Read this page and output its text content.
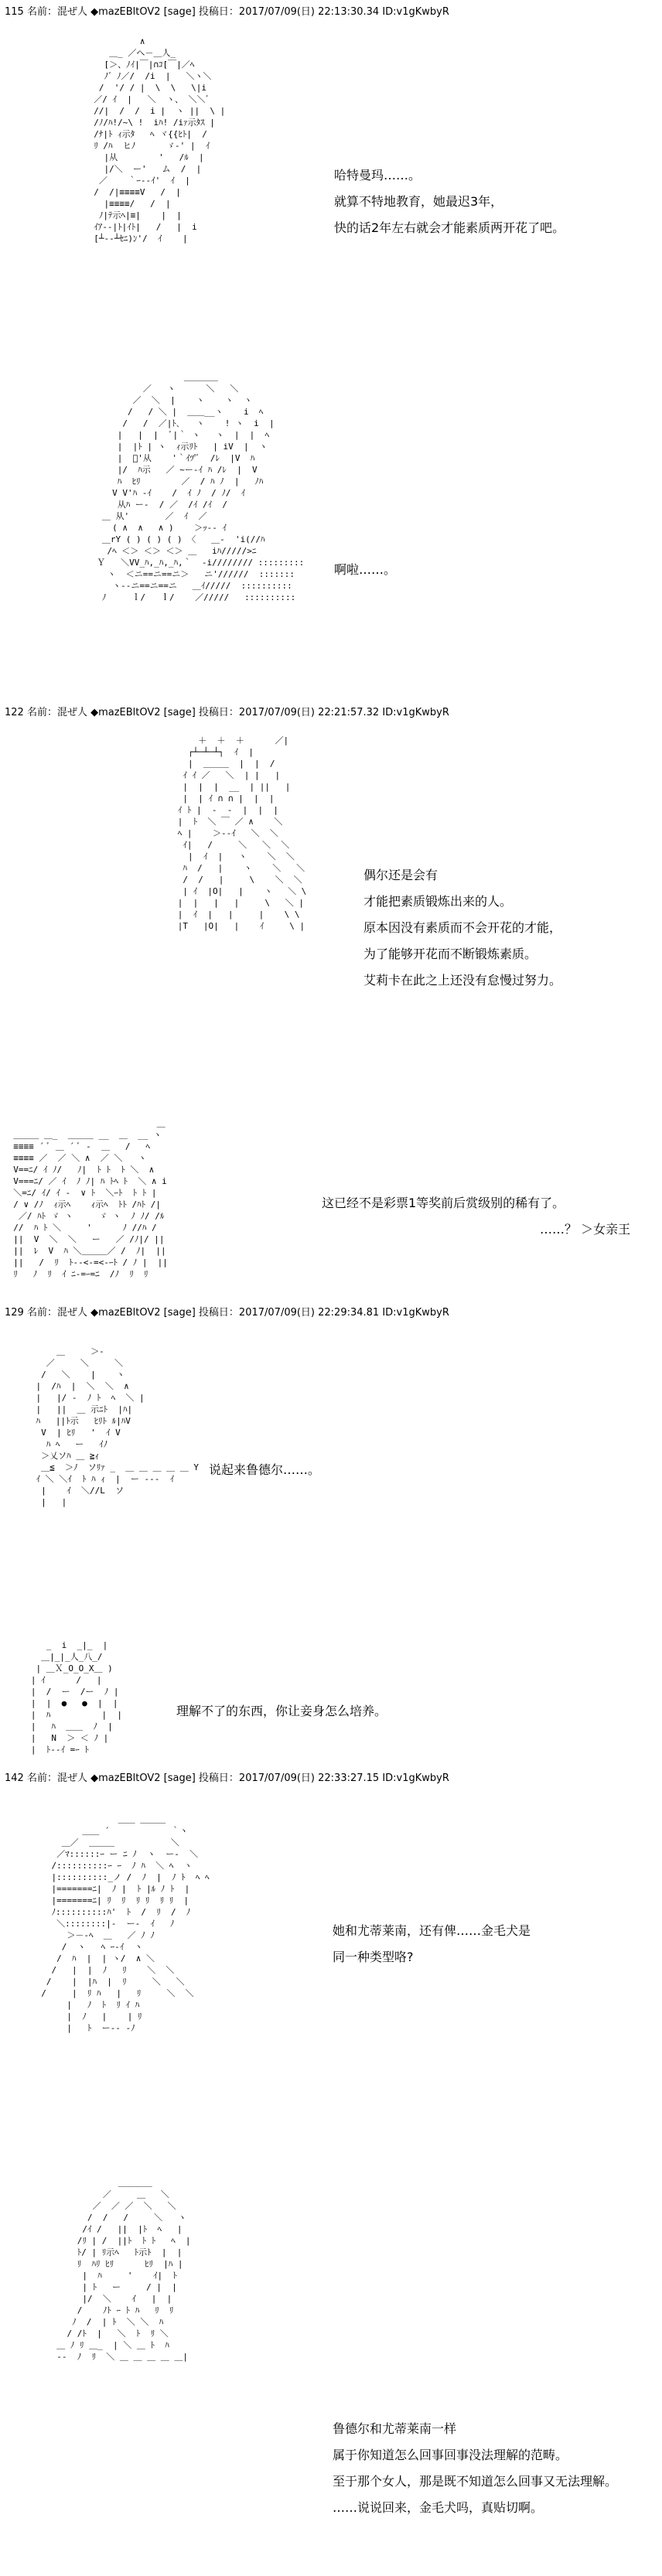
115 名前：混ぜ人 ◆mazEBltOV2 [sage] 投稿日：2017/07/09(日) 22:13:30.34 ID:v1gKwbyR
∧
＿_ ／へ－＿人_
[＞、ﾉｲ|￣|∩ｺ[￣|／ﾍ
ﾉ゛ﾉ／/  /i  |   ＼ヽ＼
/  '/ / |  \  \   \|i
／/ ｲ  |   ＼  ヽ、 ＼＼ﾞ
//|  /  /  i |  ヽ ||  \ |
/ﾉ/ﾊ!/~\ !  iﾊ! /iｧ示ﾀｽ |
/ﾅ|ﾄ ｨ示ﾀ   ﾍ ヾ{{ﾋﾄ|  /
ﾘ /ﾊ  ヒﾉ      ゞ-' |  ｲ
|从        '   /ﾙ  |
|/＼  ー'   ム  /  |
／    ｀ｰ--ｲ'  ｲ  |
/  /|≡≡≡≡V   /  |
|≡≡≡≡/   /  |
ﾉ|ﾃ示ﾍ|≡|    |  |
ｲｱ--|ﾄ|ｲﾄ|   /   |  i
[┴--┴ｾﾆ)ﾝ'/  ｲ    |
哈特曼玛……。
就算不特地教育，她最迟3年，
快的话2年左右就会才能素质两开花了吧。
＿＿＿＿
／   ヽ      ＼   ＼
／  ＼  |    ヽ    ヽ  ヽ
/   / ＼ |  ＿＿__ヽ    i  ﾍ
/   /  ／|ﾄ､   ヽ    ! ヽ  i  |
|   |  |  ﾞ|｀ ヽ   ヽ  |  |  ﾍ
|  |ﾄ | ヽ  ｨ示ﾘﾄ   | iV  |  ヽ
|  ﾞ'从    '｀ｲﾂ'ﾞ  /ﾚ  |V  ﾊ
|/  ﾊ示   ／ ~ー-ｲ ﾊ /ﾚ  |  V
ﾊ  ﾋﾘ        ／  / ﾊ ﾉ  |   ﾉﾊ
V V'ﾊ ‐ｲ    /  ｲ ﾉ  / ﾉ/  ｲ
从ﾊ ー-  / ／  /ｲ /ｲ  /
＿ 从'       ／  ｲ  ／
( ∧  ∧   ∧ )    ＞ｯ-‐ ｲ
＿rY ( ) ( ) ( ) 〈   ＿-  'i(//ﾊ
/ﾍ ＜＞ ＜＞ ＜＞ ＿   iﾊ/////>ﾆ
Ｙ   ＼VV_ﾊ,_ﾊ,_ﾊ,｀  -i//////// :::::::::
ヽ  ＜ニ==ニ==ニ＞   ニ'//////  :::::::
ヽ--ニ==ニ==ニ   ＿ｲ/////  ::::::::::
ﾉ     ｌ/   ｌ/    ／/////   ::::::::::
啊啦……。
122 名前：混ぜ人 ◆mazEBltOV2 [sage] 投稿日：2017/07/09(日) 22:21:57.32 ID:v1gKwbyR
＋  ＋  ＋      ／|
┌┴─┴─┴┐  ｲ  |
|  ＿＿＿  |  |  /
ｲ ｲ ／   ＼  | |   |
|  |  |  __  | ||   |
|  | ｲ ∩ ∩ |  |  |
ｲ ﾄ |  ‐  ‐  |  |  |
|  ﾄ  ＼ ￣ ／ ∧    ＼
ﾍ |    ＞-‐ｲ   ＼  ＼
ｲ|   /     ＼   ＼  ＼
|  ｲ  |   ヽ    ＼  ＼
ﾊ  /   |    ヽ    ＼   ＼
/  /   |     \    ＼  ＼
| ｲ  |O|   |    ヽ   ＼ \
|  |   |   |     \   ＼ |
|  ｲ  |   |     |    \ \
|T   |O|   |    ｲ     \ |
偶尔还是会有
才能把素质锻炼出来的人。
原本因没有素质而不会开花的才能，
为了能够开花而不断锻炼素质。
艾莉卡在此之上还没有怠慢过努力。
＿
＿＿＿ ＿_  ＿＿＿ __  ＿  __ ヽ
≡≡≡≡ ´ ﾞ ＿ ´ ﾞ ‐  ＿   /   ﾍ
≡≡≡≡ ／  ／ ＼ ∧  ／ ＼   ヽ
V==ﾆ/ ｲ ﾉ/   ﾉ|  ﾄ ﾄ  ﾄ ＼  ∧
V===ﾆ/ ／ ｲ  ﾉ ﾉ| ﾊ ﾄﾍ ﾄ  ＼ ∧ i
＼=ﾆ/ ｲ/ ｲ ‐  ∨ ﾄ  ＼ｰﾄ  ﾄ ﾄ |
/ ∨ /ﾉ  ｨ示ﾍ    ｨ示ﾍ  ﾄﾄ /ﾊﾄ /|
／/ ﾊﾄ ゞ ヽ     ゞ ヽ  ﾉ ﾉ/ /ﾙ
//  ﾊ ﾄ ＼     '      ﾉ //ﾊ /
||  V  ＼  ＼   ー   ／ /ﾉ|/ ||
||  ﾚ  V  ﾊ ＼＿＿＿／ /  ﾉ|  ||
||   /  ﾘ  ﾄ--<-=<-ｰﾄ / ﾉ |  ||
ﾘ   ﾉ  ﾘ  ｲ ﾆ-=ｰ=ﾆ  /ﾉ  ﾘ  ﾘ
这已经不是彩票1等奖前后赏级别的稀有了。
……？ ＞女亲王
129 名前：混ぜ人 ◆mazEBltOV2 [sage] 投稿日：2017/07/09(日) 22:29:34.81 ID:v1gKwbyR
＿     ＞-
／     ＼     ＼
/   ＼    |    ヽ
|  /ﾊ  |  ＼  ＼  ∧
|   |/ ‐  ﾉ ﾄ  ﾍ  ＼ |
|   ||  ＿ 示ﾆﾄ  |ﾊ|
ﾊ   ||ﾄ示   ﾋﾘﾄ ﾙ|ﾊV
V  | ﾋﾘ   '  ｲ V
ﾊ ﾍ   ー   ｲﾉ
＞乂ソﾊ ＿ ≧ｨ
＿≦  ＞ﾉ  ソﾘｧ _  ＿ ＿ ＿ ＿ ＿ Y
ｲ ＼ ＼ｲ  ﾄ ﾊ ｨ  |  ー ‐‐‐  ｲ
|    ｲ  ＼//L  ソ
|   |
说起来鲁德尔……。
_  i  _|_  |
＿|_|_人_八_/
| ＿Ｘ_O_O_X＿ )
| ｲ      /   |
|  /  ー  /ー  ﾉ |
|  |  ●   ●  |  |
|  ﾊ          |  |
|   ﾊ  ＿＿  ﾉ  |
|   N  ＞ ＜ ﾉ |
|  ﾄ--ｲ =ｰ ﾄ
理解不了的东西，你让妾身怎么培养。
142 名前：混ぜ人 ◆mazEBltOV2 [sage] 投稿日：2017/07/09(日) 22:33:27.15 ID:v1gKwbyR
＿＿ ＿＿＿
＿＿ ´            ｀ヽ
＿／  ＿＿＿           ＼
／ﾏ::::::ｰ ー ﾆ ﾉ  ヽ  ー-  ＼
/::::::::::ｰ ｰ  ﾉ ﾊ  ＼ ﾍ  ヽ
|::::::::::_ノ /  ﾉ  |  ﾉ ﾄ  ﾍ ﾍ
|=======ﾆ|  ﾉ |  ﾄ |ﾙ ﾉ ﾄ  |
|=======ﾆ| ﾘ  ﾘ  ﾘ ﾘ  ﾘ ﾘ  |
ﾉ::::::::::ﾊ'  ﾄ  /  ﾘ  /  ﾉ
＼::::::::|‐  ー-  ｲ   ﾉ
＞－-ﾍ  ＿   ／ ﾉ ﾉ
/  ヽ   ﾍ ｰ-ｲ  ヽ
/  ﾊ  |  | ヽ/  ∧ ＼
/   |  |  ﾉ   ﾘ    ＼  ＼
/    |  |ﾊ  |  ﾘ     ＼   ＼
/     |  ﾘ ﾊ   |   ﾘ     ＼  ＼
|   ﾉ  ﾄ  ﾘ ｲ ﾊ
|  ﾉ   |    | ﾘ
|   ﾄ  ー‐‐ ‐ﾉ
她和尤蒂莱南，还有俾……金毛犬是
同一种类型咯?
＿＿＿＿
／     ＿   ＼
／  ／ ／  ＼   ＼
/  /   /     ＼   ヽ
/ｲ /   ||  |ﾄ  ﾍ   |
/ﾘ | /  ||ﾄ  ﾄ ﾄ   ﾍ  |
ﾄ/ | ﾘ示ﾍ   ﾄ示ﾄ  |  |
ﾘ  ﾊﾘ ﾋﾘ      ﾋﾘ  |ﾊ |
|  ﾊ     '    ｲ|  ﾄ
| ﾄ   ー     / |  |
|/  ＼    ｲ   |  |
/    ﾉﾄ ｰ ﾄ ﾊ   ﾘ  ﾘ
ﾉ  /  | ﾄ  ＼ ＼  ﾊ
/ /ﾄ  |   ＼  ﾄ  ﾘ ＼
＿ ﾉ ﾘ ＿_  | ＼ ＿ ﾄ  ﾊ
‐‐  ﾉ  ﾘ  ＼ ＿ ＿ ＿ ＿ ＿|
鲁德尔和尤蒂莱南一样
属于你知道怎么回事回事没法理解的范畴。
至于那个女人，那是既不知道怎么回事又无法理解。
……说说回来，金毛犬吗，真贴切啊。
